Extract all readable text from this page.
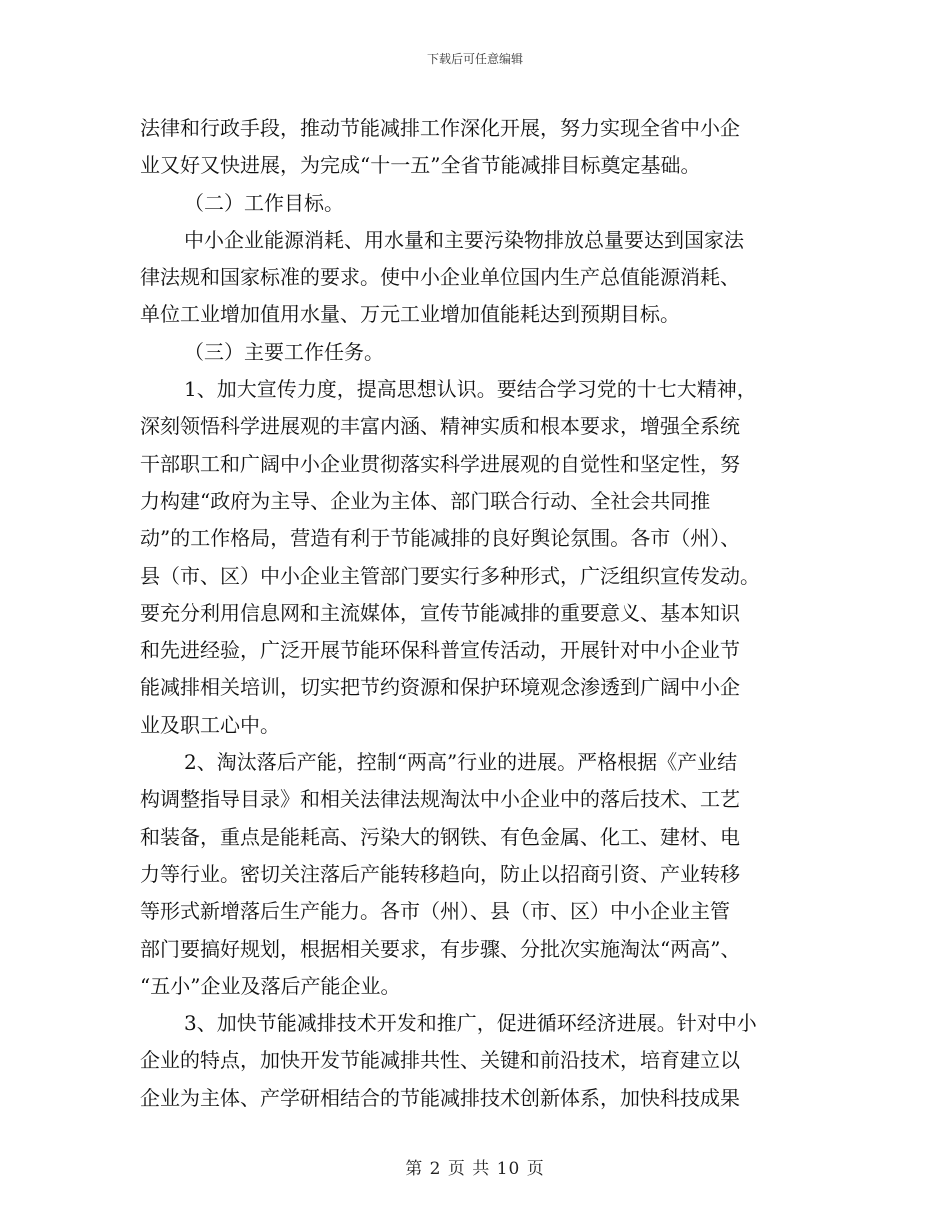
下载后可任意编辑
法律和行政手段，推动节能减排工作深化开展，努力实现全省中小企
业又好又快进展，为完成“十一五”全省节能减排目标奠定基础。
（二）工作目标。
中小企业能源消耗、用水量和主要污染物排放总量要达到国家法
律法规和国家标准的要求。使中小企业单位国内生产总值能源消耗、
单位工业增加值用水量、万元工业增加值能耗达到预期目标。
（三）主要工作任务。
1、加大宣传力度，提高思想认识。要结合学习党的十七大精神，
深刻领悟科学进展观的丰富内涵、精神实质和根本要求，增强全系统
干部职工和广阔中小企业贯彻落实科学进展观的自觉性和坚定性，努
力构建“政府为主导、企业为主体、部门联合行动、全社会共同推
动”的工作格局，营造有利于节能减排的良好舆论氛围。各市（州）、
县（市、区）中小企业主管部门要实行多种形式，广泛组织宣传发动。
要充分利用信息网和主流媒体，宣传节能减排的重要意义、基本知识
和先进经验，广泛开展节能环保科普宣传活动，开展针对中小企业节
能减排相关培训，切实把节约资源和保护环境观念渗透到广阔中小企
业及职工心中。
2、淘汰落后产能，控制“两高”行业的进展。严格根据《产业结
构调整指导目录》和相关法律法规淘汰中小企业中的落后技术、工艺
和装备，重点是能耗高、污染大的钢铁、有色金属、化工、建材、电
力等行业。密切关注落后产能转移趋向，防止以招商引资、产业转移
等形式新增落后生产能力。各市（州）、县（市、区）中小企业主管
部门要搞好规划，根据相关要求，有步骤、分批次实施淘汰“两高”、
“五小”企业及落后产能企业。
3、加快节能减排技术开发和推广，促进循环经济进展。针对中小
企业的特点，加快开发节能减排共性、关键和前沿技术，培育建立以
企业为主体、产学研相结合的节能减排技术创新体系，加快科技成果
第 2 页 共 10 页
